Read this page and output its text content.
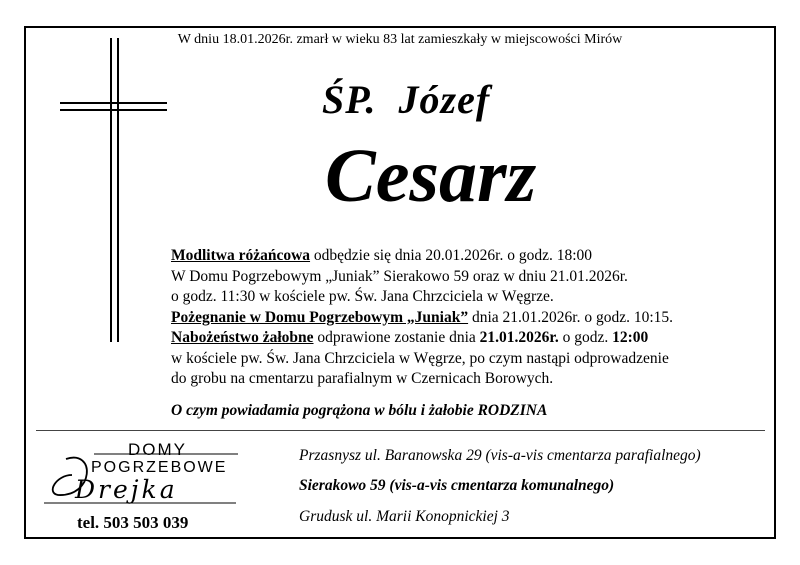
W dniu 18.01.2026r. zmarł w wieku 83 lat zamieszkały w miejscowości Mirów
ŚP.  Józef
Cesarz
Modlitwa różańcowa odbędzie się dnia 20.01.2026r. o godz. 18:00
W Domu Pogrzebowym „Juniak” Sierakowo 59 oraz w dniu 21.01.2026r.
o godz. 11:30 w kościele pw. Św. Jana Chrzciciela w Węgrze.
Pożegnanie w Domu Pogrzebowym „Juniak” dnia 21.01.2026r. o godz. 10:15.
Nabożeństwo żałobne odprawione zostanie dnia 21.01.2026r. o godz. 12:00
w kościele pw. Św. Jana Chrzciciela w Węgrze, po czym nastąpi odprowadzenie
do grobu na cmentarzu parafialnym w Czernicach Borowych.
O czym powiadamia pogrążona w bólu i żałobie RODZINA
DOMY
POGRZEBOWE
Drejka
tel. 503 503 039
Przasnysz ul. Baranowska 29 (vis-a-vis cmentarza parafialnego)
Sierakowo 59 (vis-a-vis cmentarza komunalnego)
Grudusk ul. Marii Konopnickiej 3
